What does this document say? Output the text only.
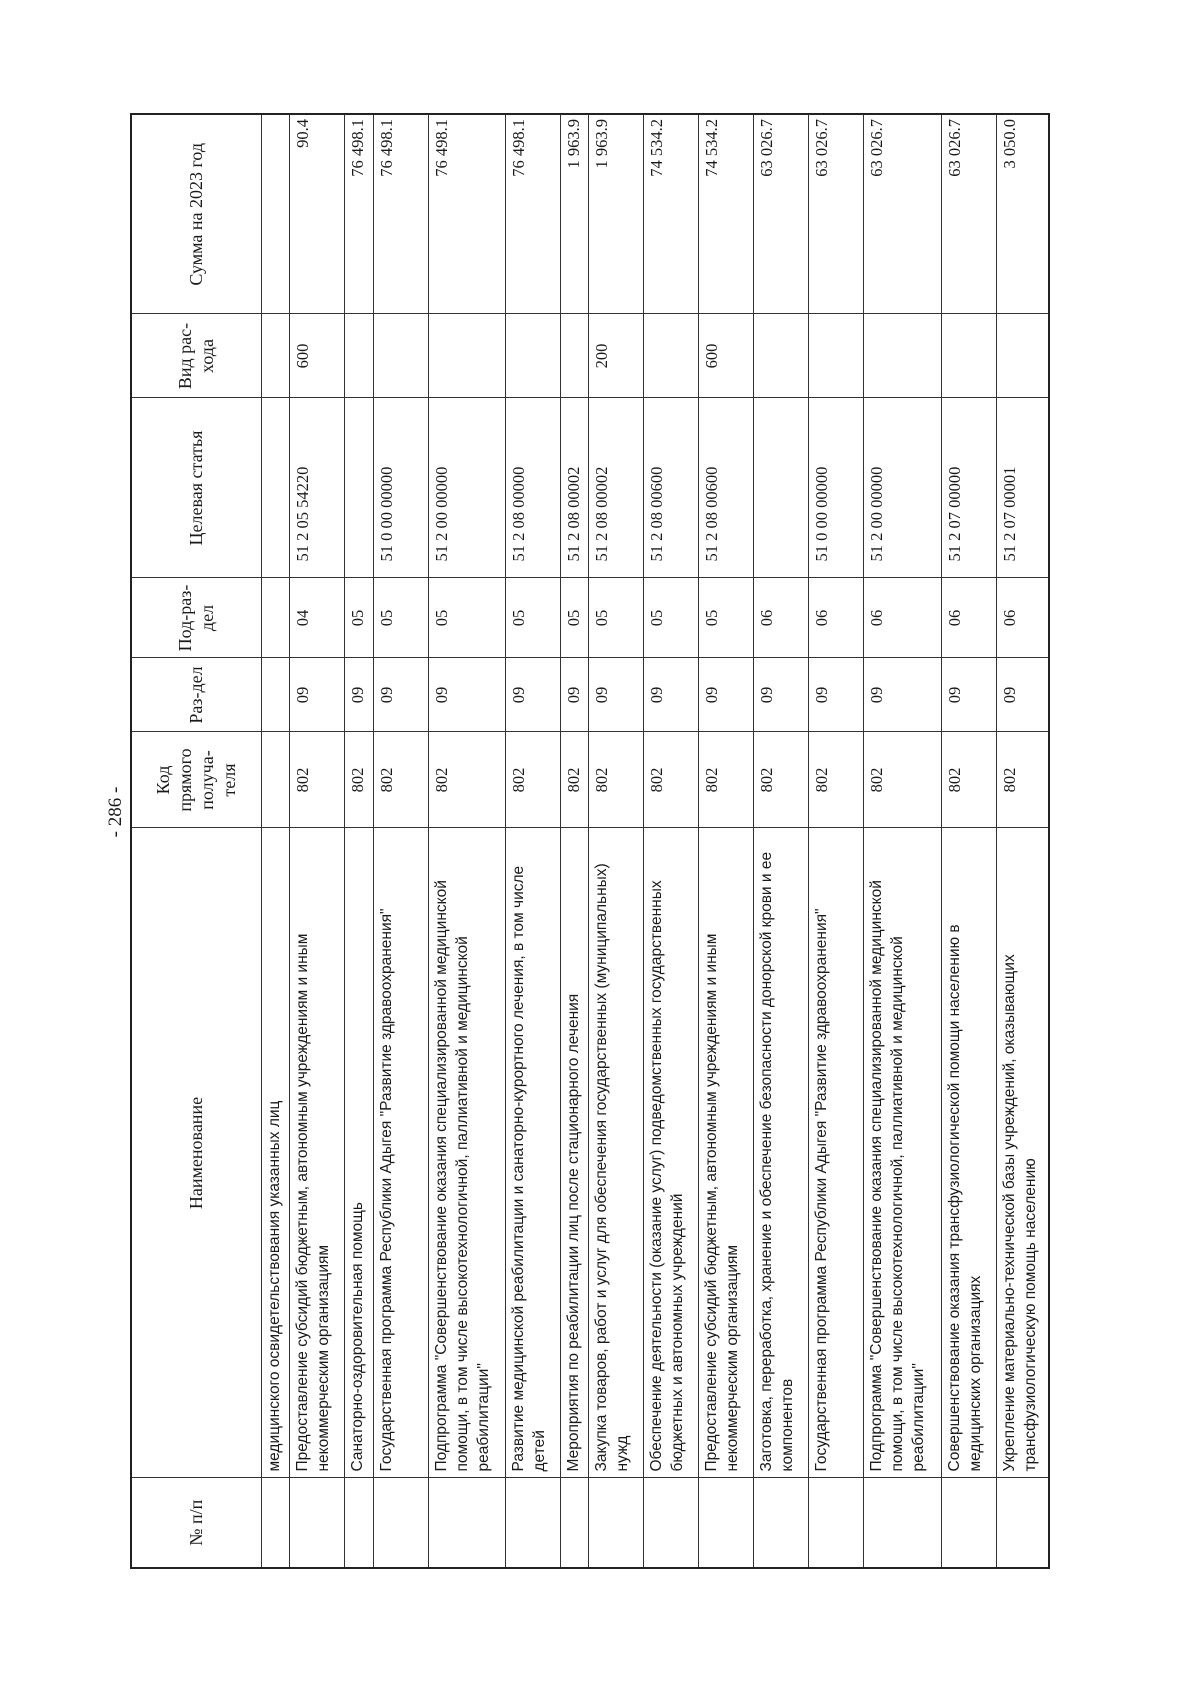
- 286 -
№ п/п	Наименование	Код прямого получа-теля	Раз-дел	Под-раз-дел	Целевая статья	Вид рас-хода	Сумма на 2023 год
	медицинского освидетельствования указанных лиц						
	Предоставление субсидий бюджетным, автономным учреждениям и иным некоммерческим организациям	802	09	04	51 2 05 54220	600	90.4
	Санаторно-оздоровительная помощь	802	09	05			76 498.1
	Государственная программа Республики Адыгея "Развитие здравоохранения"	802	09	05	51 0 00 00000		76 498.1
	Подпрограмма "Совершенствование оказания специализированной медицинской помощи, в том числе высокотехнологичной, паллиативной и медицинской реабилитации"	802	09	05	51 2 00 00000		76 498.1
	Развитие медицинской реабилитации и санаторно-курортного лечения, в том числе детей	802	09	05	51 2 08 00000		76 498.1
	Мероприятия по реабилитации лиц после стационарного лечения	802	09	05	51 2 08 00002		1 963.9
	Закупка товаров, работ и услуг для обеспечения государственных (муниципальных) нужд	802	09	05	51 2 08 00002	200	1 963.9
	Обеспечение деятельности (оказание услуг) подведомственных государственных бюджетных и автономных учреждений	802	09	05	51 2 08 00600		74 534.2
	Предоставление субсидий бюджетным, автономным учреждениям и иным некоммерческим организациям	802	09	05	51 2 08 00600	600	74 534.2
	Заготовка, переработка, хранение и обеспечение безопасности донорской крови и ее компонентов	802	09	06			63 026.7
	Государственная программа Республики Адыгея "Развитие здравоохранения"	802	09	06	51 0 00 00000		63 026.7
	Подпрограмма "Совершенствование оказания специализированной медицинской помощи, в том числе высокотехнологичной, паллиативной и медицинской реабилитации"	802	09	06	51 2 00 00000		63 026.7
	Совершенствование оказания трансфузиологической помощи населению в медицинских организациях	802	09	06	51 2 07 00000		63 026.7
	Укрепление материально-технической базы учреждений, оказывающих трансфузиологическую помощь населению	802	09	06	51 2 07 00001		3 050.0
